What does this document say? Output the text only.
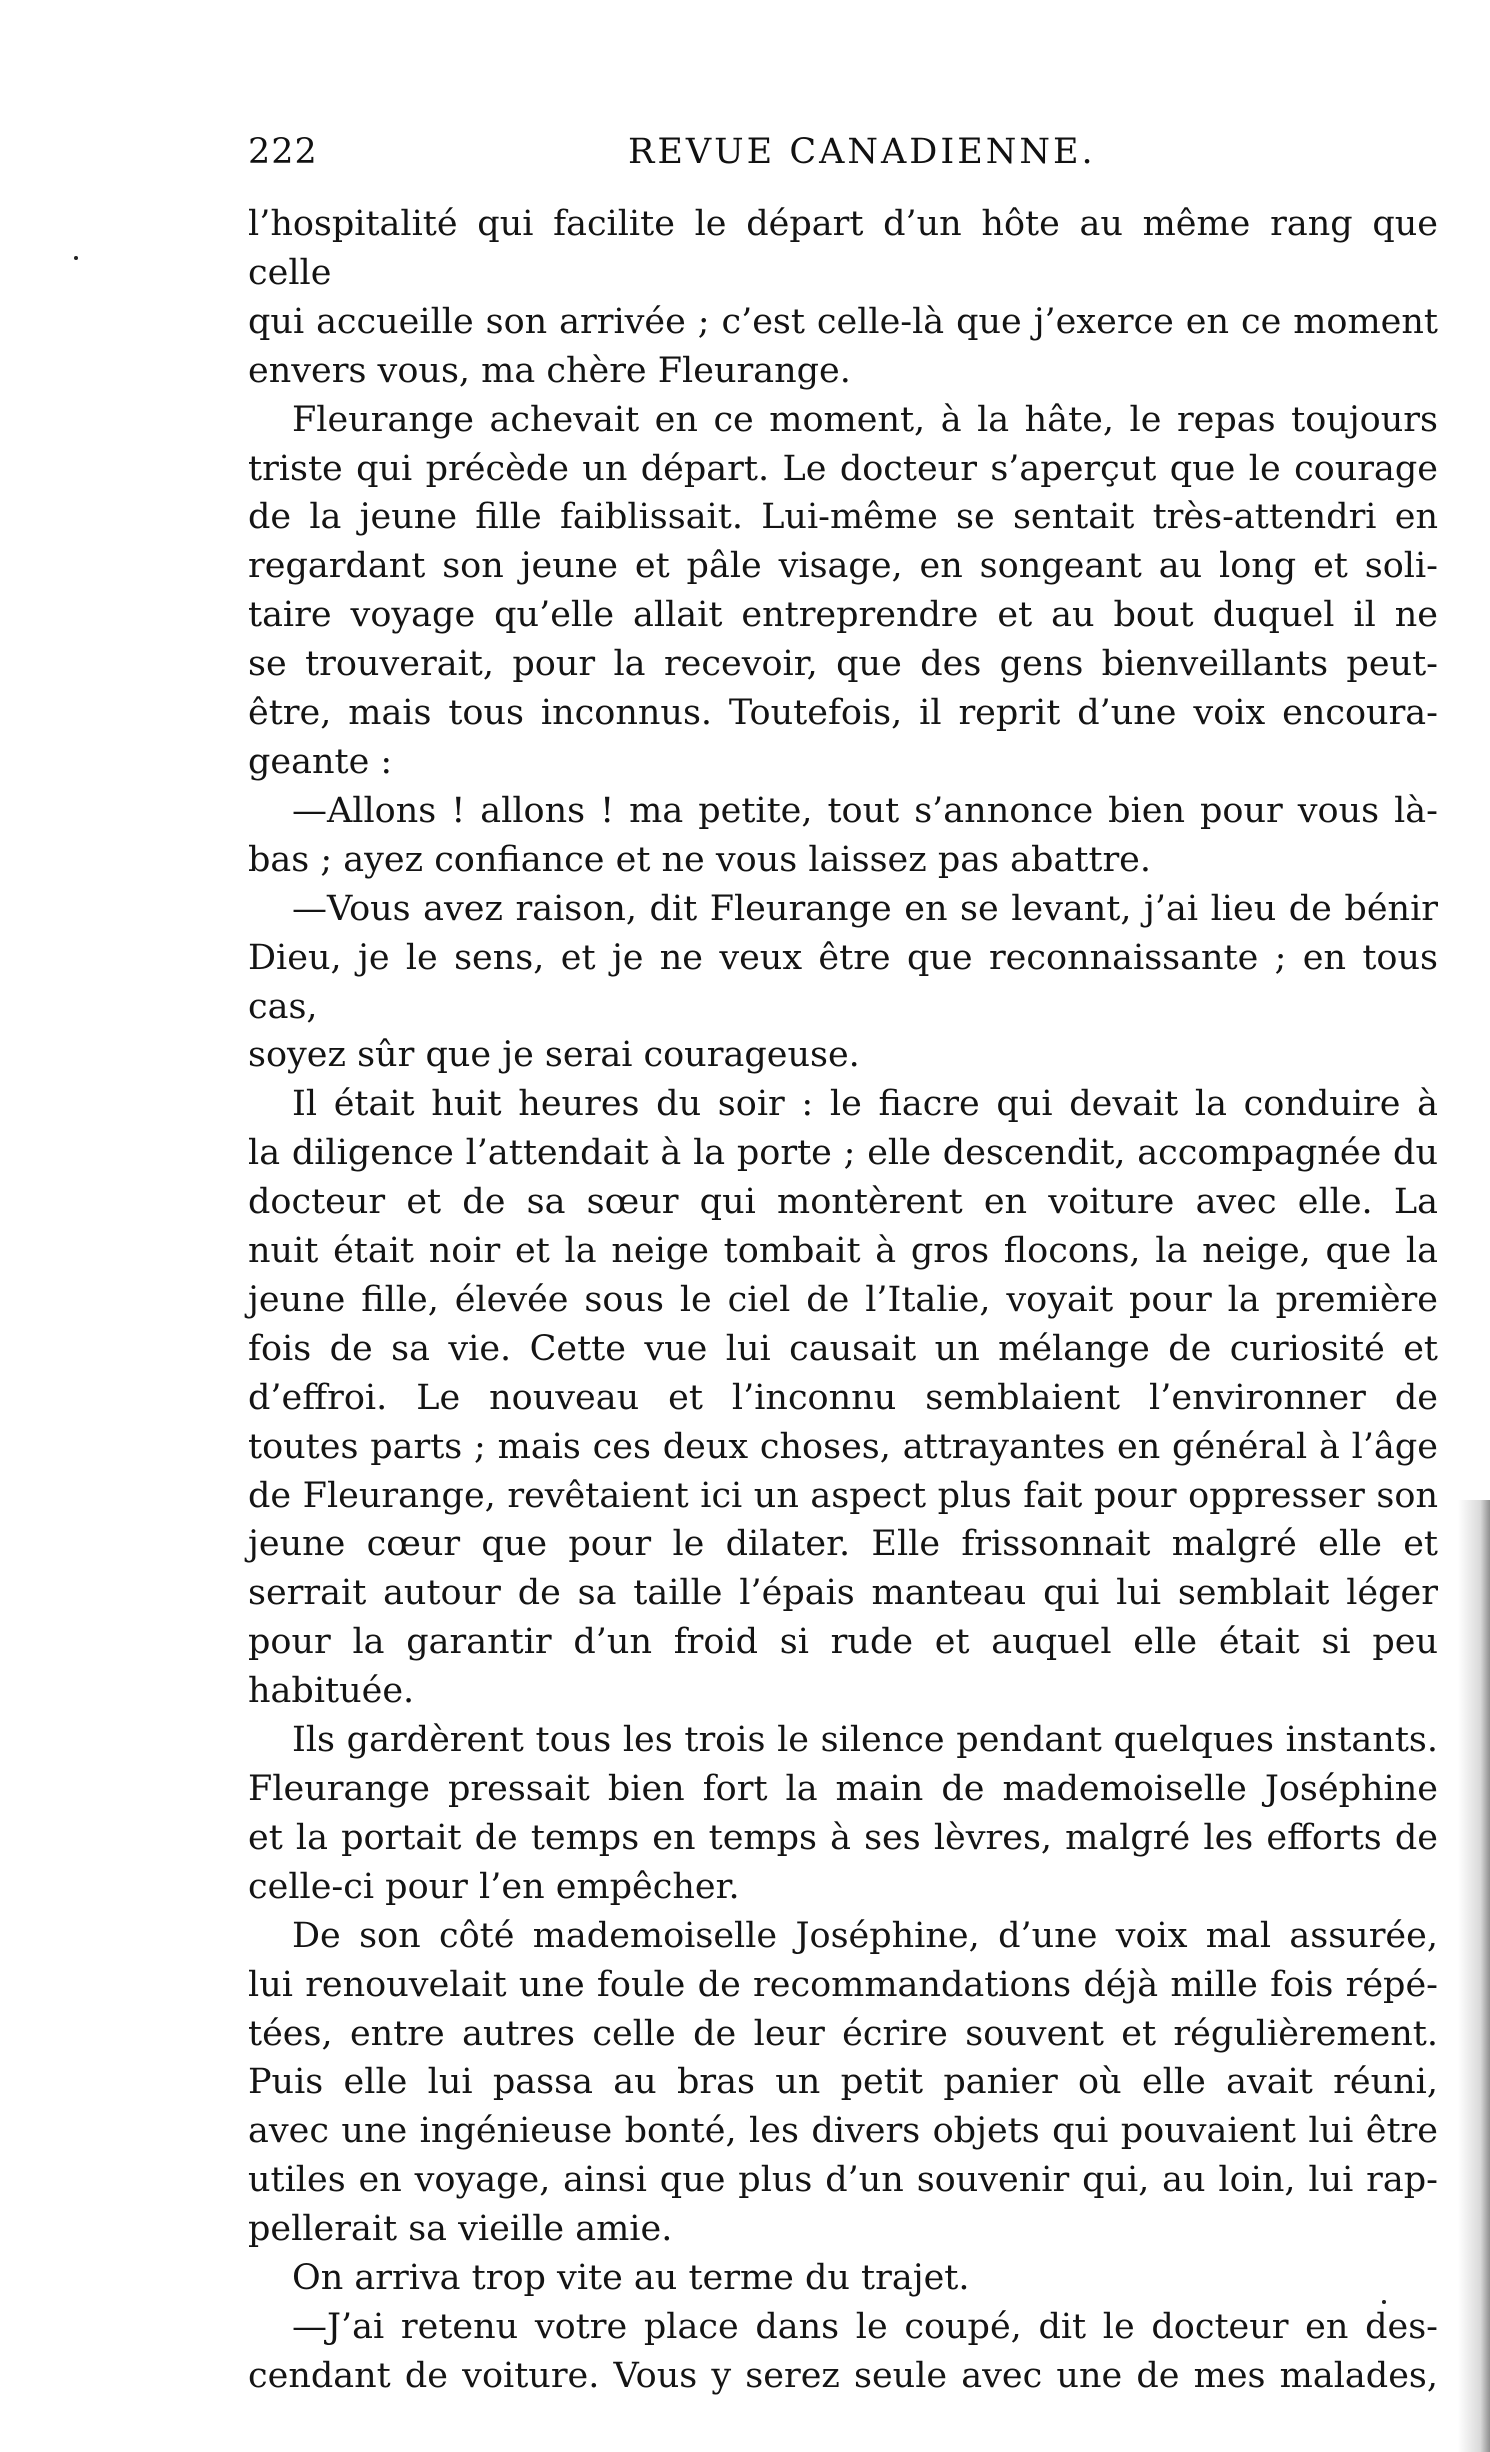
222	REVUE CANADIENNE.
l’hospitalité qui facilite le départ d’un hôte au même rang que celle
qui accueille son arrivée ; c’est celle-là que j’exerce en ce moment
envers vous, ma chère Fleurange.
Fleurange achevait en ce moment, à la hâte, le repas toujours
triste qui précède un départ. Le docteur s’aperçut que le courage
de la jeune fille faiblissait. Lui-même se sentait très-attendri en
regardant son jeune et pâle visage, en songeant au long et soli-
taire voyage qu’elle allait entreprendre et au bout duquel il ne
se trouverait, pour la recevoir, que des gens bienveillants peut-
être, mais tous inconnus. Toutefois, il reprit d’une voix encoura-
geante :
—Allons ! allons ! ma petite, tout s’annonce bien pour vous là-
bas ; ayez confiance et ne vous laissez pas abattre.
—Vous avez raison, dit Fleurange en se levant, j’ai lieu de bénir
Dieu, je le sens, et je ne veux être que reconnaissante ; en tous cas,
soyez sûr que je serai courageuse.
Il était huit heures du soir : le fiacre qui devait la conduire à
la diligence l’attendait à la porte ; elle descendit, accompagnée du
docteur et de sa sœur qui montèrent en voiture avec elle. La
nuit était noir et la neige tombait à gros flocons, la neige, que la
jeune fille, élevée sous le ciel de l’Italie, voyait pour la première
fois de sa vie. Cette vue lui causait un mélange de curiosité et
d’effroi. Le nouveau et l’inconnu semblaient l’environner de
toutes parts ; mais ces deux choses, attrayantes en général à l’âge
de Fleurange, revêtaient ici un aspect plus fait pour oppresser son
jeune cœur que pour le dilater. Elle frissonnait malgré elle et
serrait autour de sa taille l’épais manteau qui lui semblait léger
pour la garantir d’un froid si rude et auquel elle était si peu
habituée.
Ils gardèrent tous les trois le silence pendant quelques instants.
Fleurange pressait bien fort la main de mademoiselle Joséphine
et la portait de temps en temps à ses lèvres, malgré les efforts de
celle-ci pour l’en empêcher.
De son côté mademoiselle Joséphine, d’une voix mal assurée,
lui renouvelait une foule de recommandations déjà mille fois répé-
tées, entre autres celle de leur écrire souvent et régulièrement.
Puis elle lui passa au bras un petit panier où elle avait réuni,
avec une ingénieuse bonté, les divers objets qui pouvaient lui être
utiles en voyage, ainsi que plus d’un souvenir qui, au loin, lui rap-
pellerait sa vieille amie.
On arriva trop vite au terme du trajet.
—J’ai retenu votre place dans le coupé, dit le docteur en des-
cendant de voiture. Vous y serez seule avec une de mes malades,
